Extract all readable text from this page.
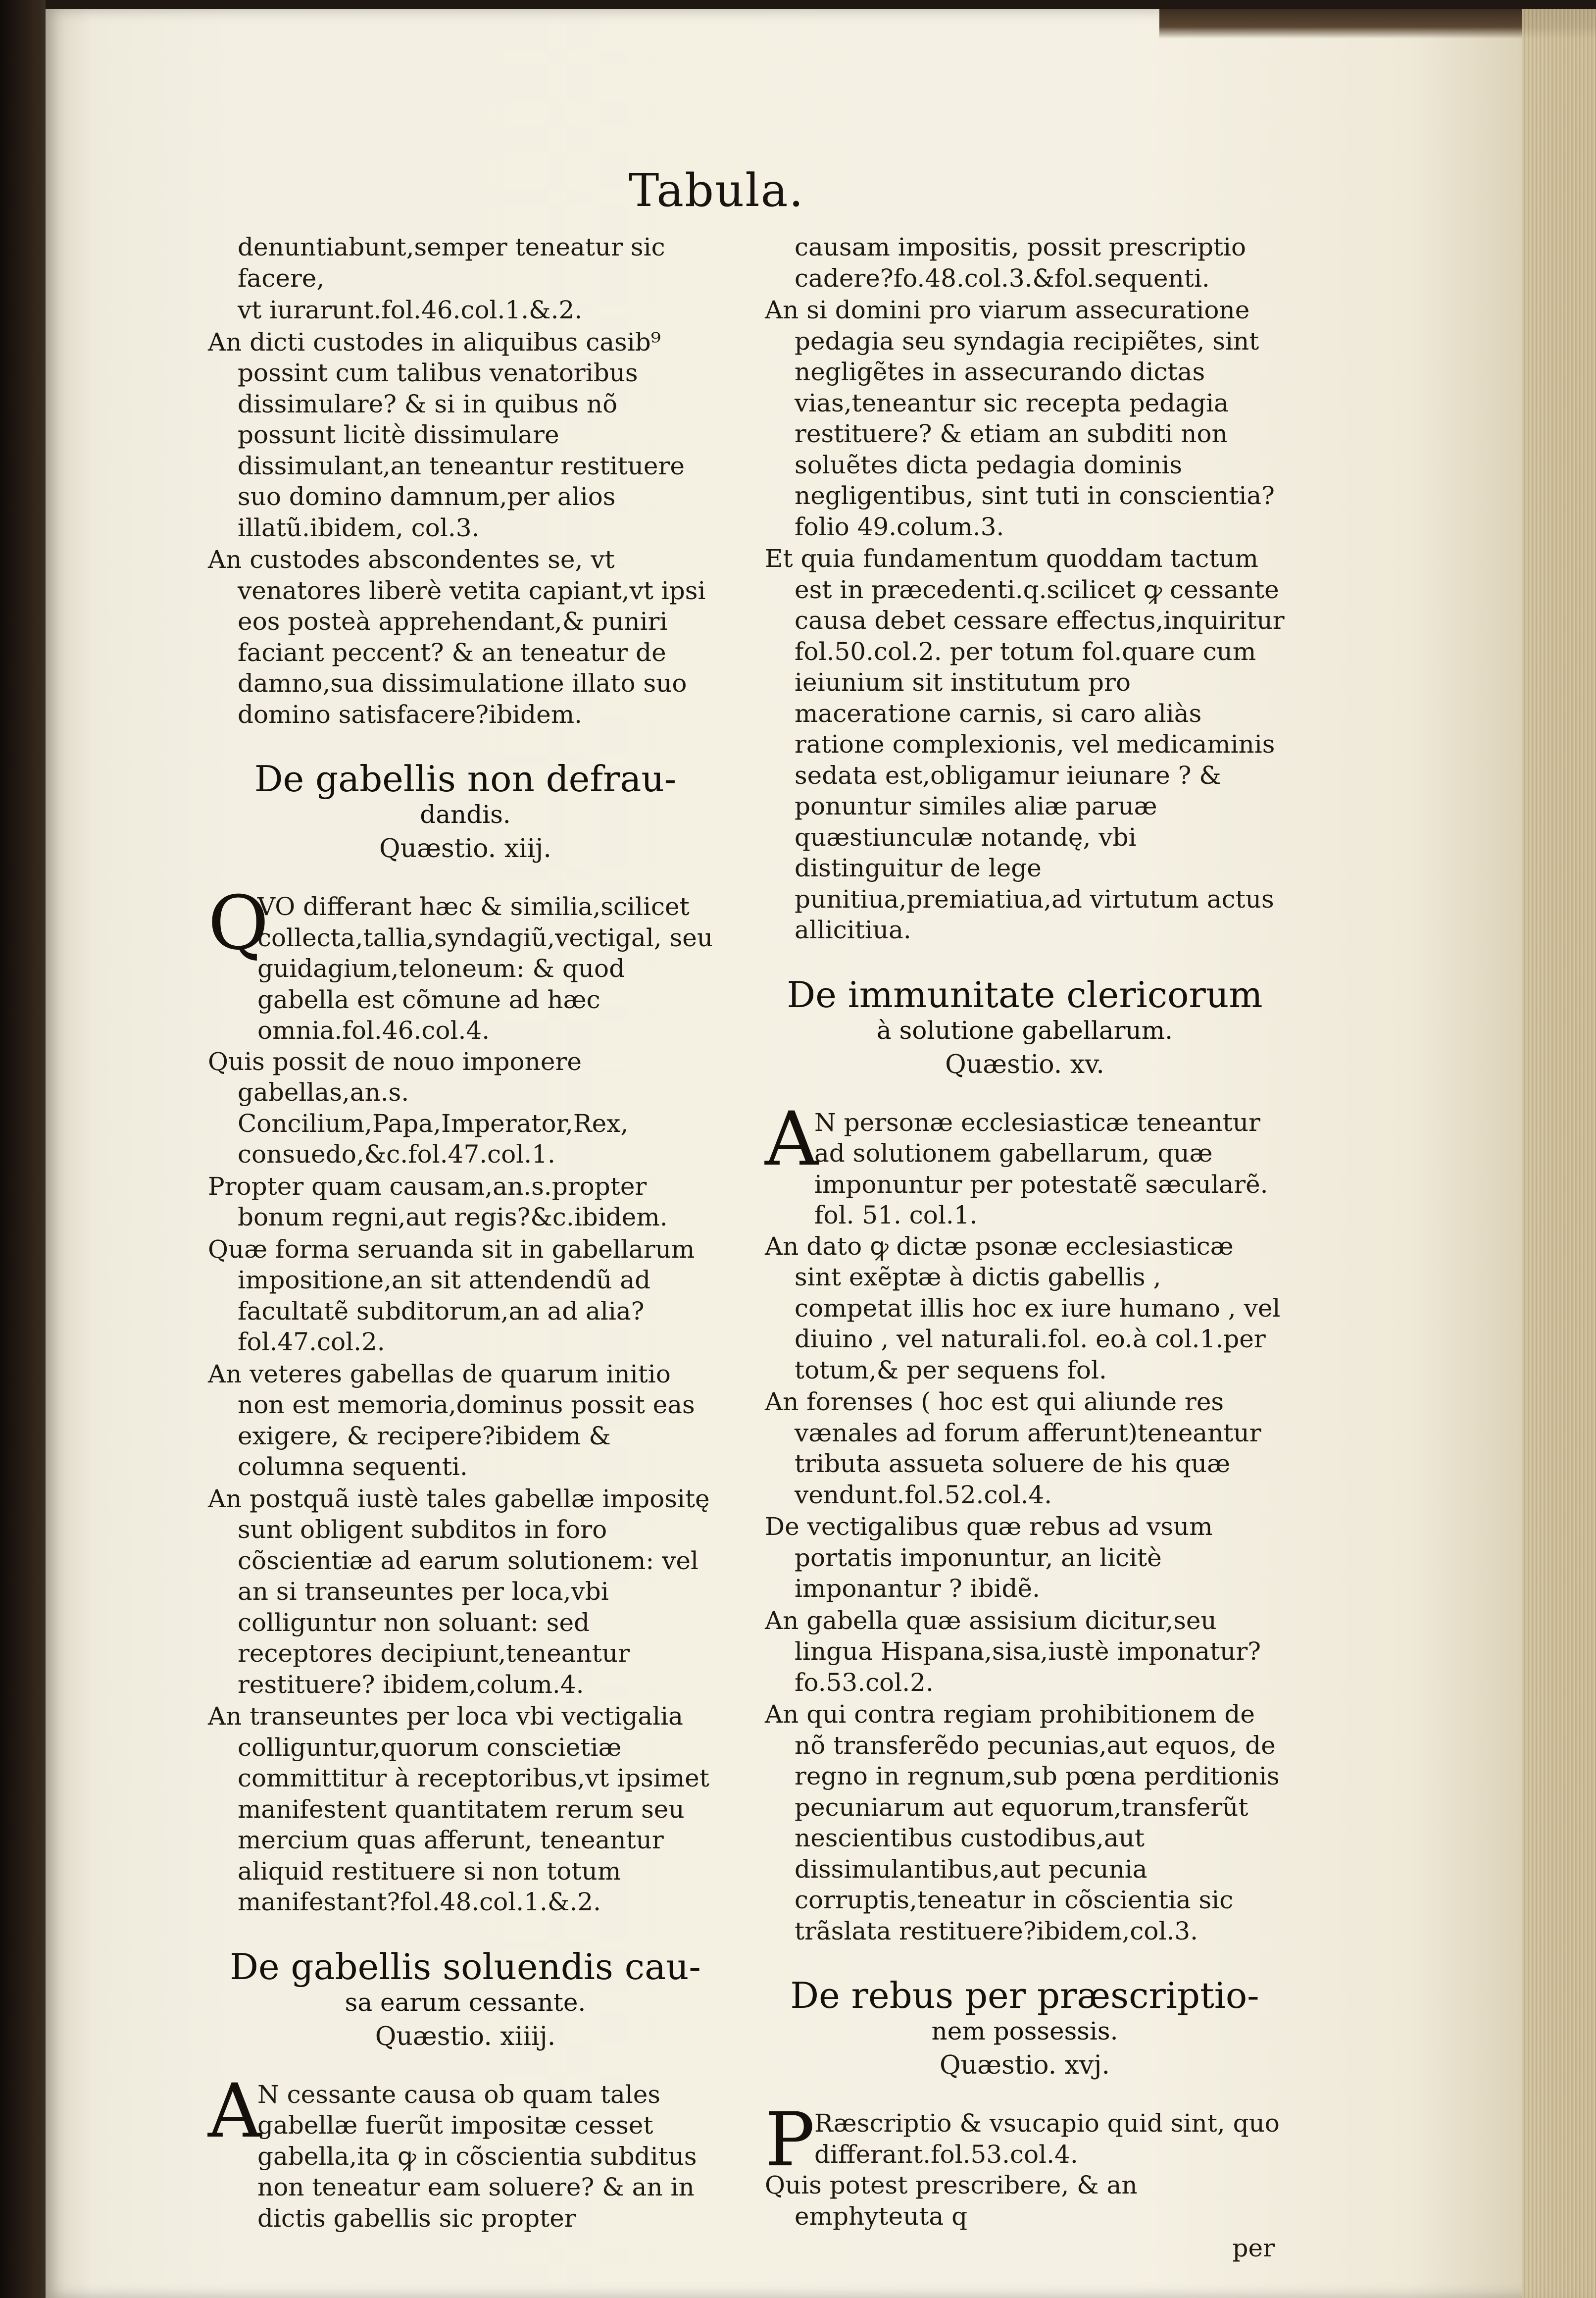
Tabula.
denuntiabunt,semper teneatur sic facere,
vt iurarunt.fol.46.col.1.&.2.
An dicti custodes in aliquibus casib⁹ possint cum talibus venatoribus dissimulare? & si in quibus nõ possunt licitè dissimulare dissimulant,an teneantur restituere suo domino damnum,per alios illatũ.ibidem, col.3.
An custodes abscondentes se, vt venatores liberè vetita capiant,vt ipsi eos posteà apprehendant,& puniri faciant peccent? & an teneatur de damno,sua dissimulatione illato suo domino satisfacere?ibidem.
De gabellis non defrau-
dandis.
Quæstio. xiij.
Q
VO differant hæc & similia,scilicet collecta,tallia,syndagiũ,vectigal, seu guidagium,teloneum: & quod gabella est cõmune ad hæc omnia.fol.46.col.4.
Quis possit de nouo imponere gabellas,an.s. Concilium,Papa,Imperator,Rex, consuedo,&c.fol.47.col.1.
Propter quam causam,an.s.propter bonum regni,aut regis?&c.ibidem.
Quæ forma seruanda sit in gabellarum impositione,an sit attendendũ ad facultatẽ subditorum,an ad alia?fol.47.col.2.
An veteres gabellas de quarum initio non est memoria,dominus possit eas exigere, & recipere?ibidem & columna sequenti.
An postquã iustè tales gabellæ impositę sunt obligent subditos in foro cõscientiæ ad earum solutionem: vel an si transeuntes per loca,vbi colliguntur non soluant: sed receptores decipiunt,teneantur restituere? ibidem,colum.4.
An transeuntes per loca vbi vectigalia colliguntur,quorum conscietiæ committitur à receptoribus,vt ipsimet manifestent quantitatem rerum seu mercium quas afferunt, teneantur aliquid restituere si non totum manifestant?fol.48.col.1.&.2.
De gabellis soluendis cau-
sa earum cessante.
Quæstio. xiiij.
A
N cessante causa ob quam tales gabellæ fuerũt impositæ cesset gabella,ita ꝙ in cõscientia subditus non teneatur eam soluere? & an in dictis gabellis sic propter
causam impositis, possit prescriptio cadere?fo.48.col.3.&fol.sequenti.
An si domini pro viarum assecuratione pedagia seu syndagia recipiẽtes, sint negligẽtes in assecurando dictas vias,teneantur sic recepta pedagia restituere? & etiam an subditi non soluẽtes dicta pedagia dominis negligentibus, sint tuti in conscientia? folio 49.colum.3.
Et quia fundamentum quoddam tactum est in præcedenti.q.scilicet ꝙ cessante causa debet cessare effectus,inquiritur fol.50.col.2. per totum fol.quare cum ieiunium sit institutum pro maceratione carnis, si caro aliàs ratione complexionis, vel medicaminis sedata est,obligamur ieiunare ? & ponuntur similes aliæ paruæ quæstiunculæ notandę, vbi distinguitur de lege punitiua,premiatiua,ad virtutum actus allicitiua.
De immunitate clericorum
à solutione gabellarum.
Quæstio. xv.
A
N personæ ecclesiasticæ teneantur ad solutionem gabellarum, quæ imponuntur per potestatẽ sæcularẽ. fol. 51. col.1.
An dato ꝙ dictæ psonæ ecclesiasticæ sint exẽptæ à dictis gabellis , competat illis hoc ex iure humano , vel diuino , vel naturali.fol. eo.à col.1.per totum,& per sequens fol.
An forenses ( hoc est qui aliunde res vænales ad forum afferunt)teneantur tributa assueta soluere de his quæ vendunt.fol.52.col.4.
De vectigalibus quæ rebus ad vsum portatis imponuntur, an licitè imponantur ? ibidẽ.
An gabella quæ assisium dicitur,seu lingua Hispana,sisa,iustè imponatur?fo.53.col.2.
An qui contra regiam prohibitionem de nõ transferẽdo pecunias,aut equos, de regno in regnum,sub pœna perditionis pecuniarum aut equorum,transferũt nescientibus custodibus,aut dissimulantibus,aut pecunia corruptis,teneatur in cõscientia sic trãslata restituere?ibidem,col.3.
De rebus per præscriptio-
nem possessis.
Quæstio. xvj.
P Ræscriptio & vsucapio quid sint, quo differant.fol.53.col.4.
Quis potest prescribere, & an emphyteuta q
per
